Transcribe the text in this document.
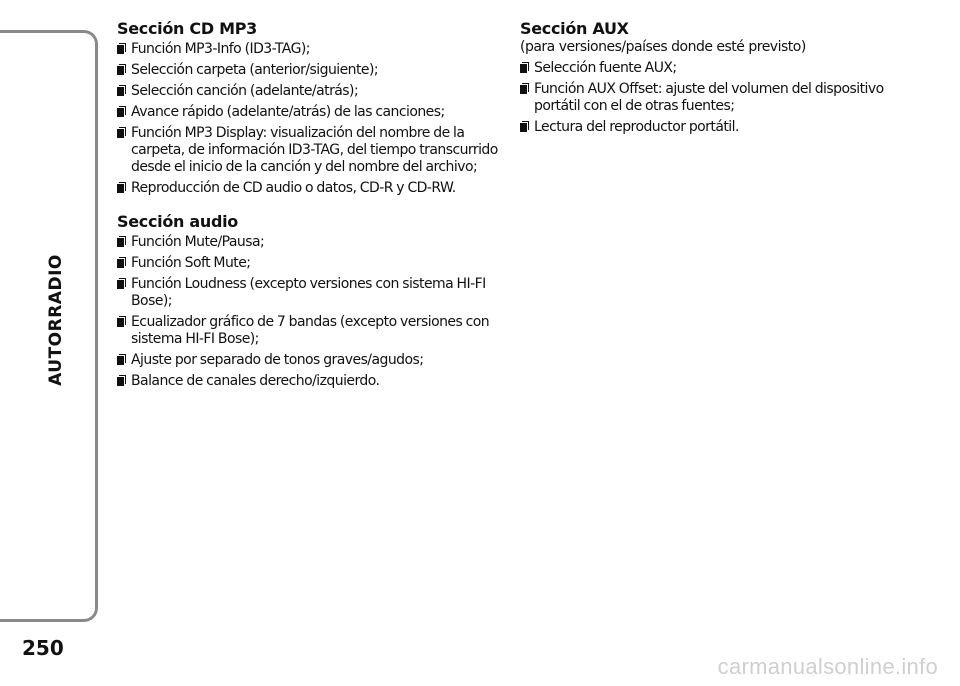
AUTORRADIO
250
Sección CD MP3
Función MP3-Info (ID3-TAG);
Selección carpeta (anterior/siguiente);
Selección canción (adelante/atrás);
Avance rápido (adelante/atrás) de las canciones;
Función MP3 Display: visualización del nombre de la carpeta, de información ID3-TAG, del tiempo transcurrido desde el inicio de la canción y del nombre del archivo;
Reproducción de CD audio o datos, CD-R y CD-RW.
Sección audio
Función Mute/Pausa;
Función Soft Mute;
Función Loudness (excepto versiones con sistema HI-FI Bose);
Ecualizador gráfico de 7 bandas (excepto versiones con sistema HI-FI Bose);
Ajuste por separado de tonos graves/agudos;
Balance de canales derecho/izquierdo.
Sección AUX
(para versiones/países donde esté previsto)
Selección fuente AUX;
Función AUX Offset: ajuste del volumen del dispositivo portátil con el de otras fuentes;
Lectura del reproductor portátil.
carmanualsonline.info
